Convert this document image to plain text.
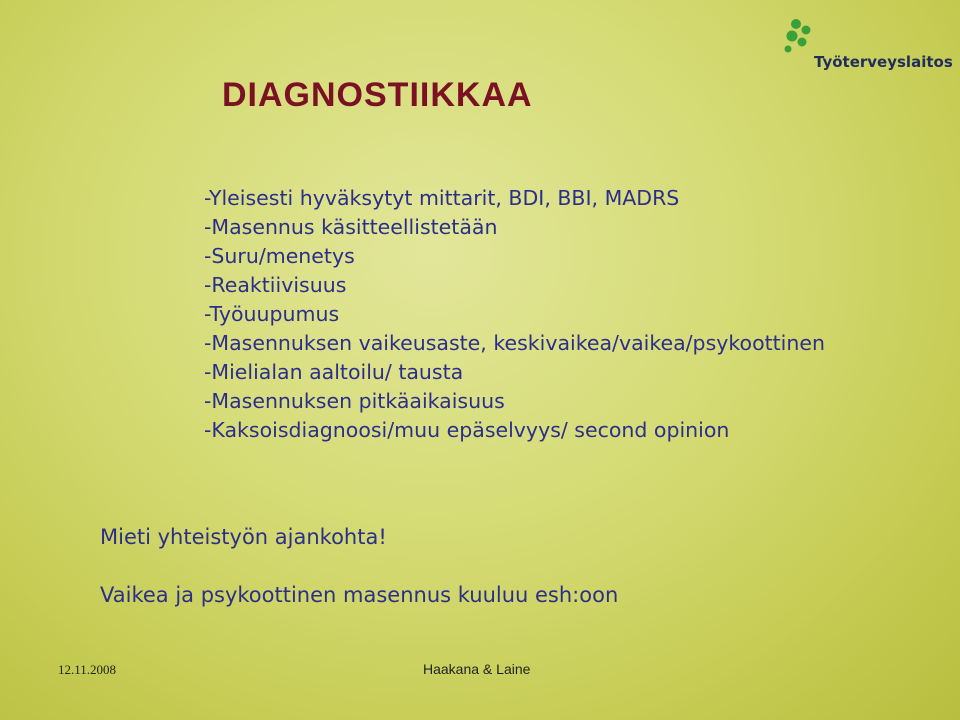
Työterveyslaitos
DIAGNOSTIIKKAA
-Yleisesti hyväksytyt mittarit, BDI, BBI, MADRS
-Masennus käsitteellistetään
-Suru/menetys
-Reaktiivisuus
-Työuupumus
-Masennuksen vaikeusaste, keskivaikea/vaikea/psykoottinen
-Mielialan aaltoilu/ tausta
-Masennuksen pitkäaikaisuus
-Kaksoisdiagnoosi/muu epäselvyys/ second opinion
Mieti yhteistyön ajankohta!
Vaikea ja psykoottinen masennus kuuluu esh:oon
12.11.2008	Haakana & Laine
